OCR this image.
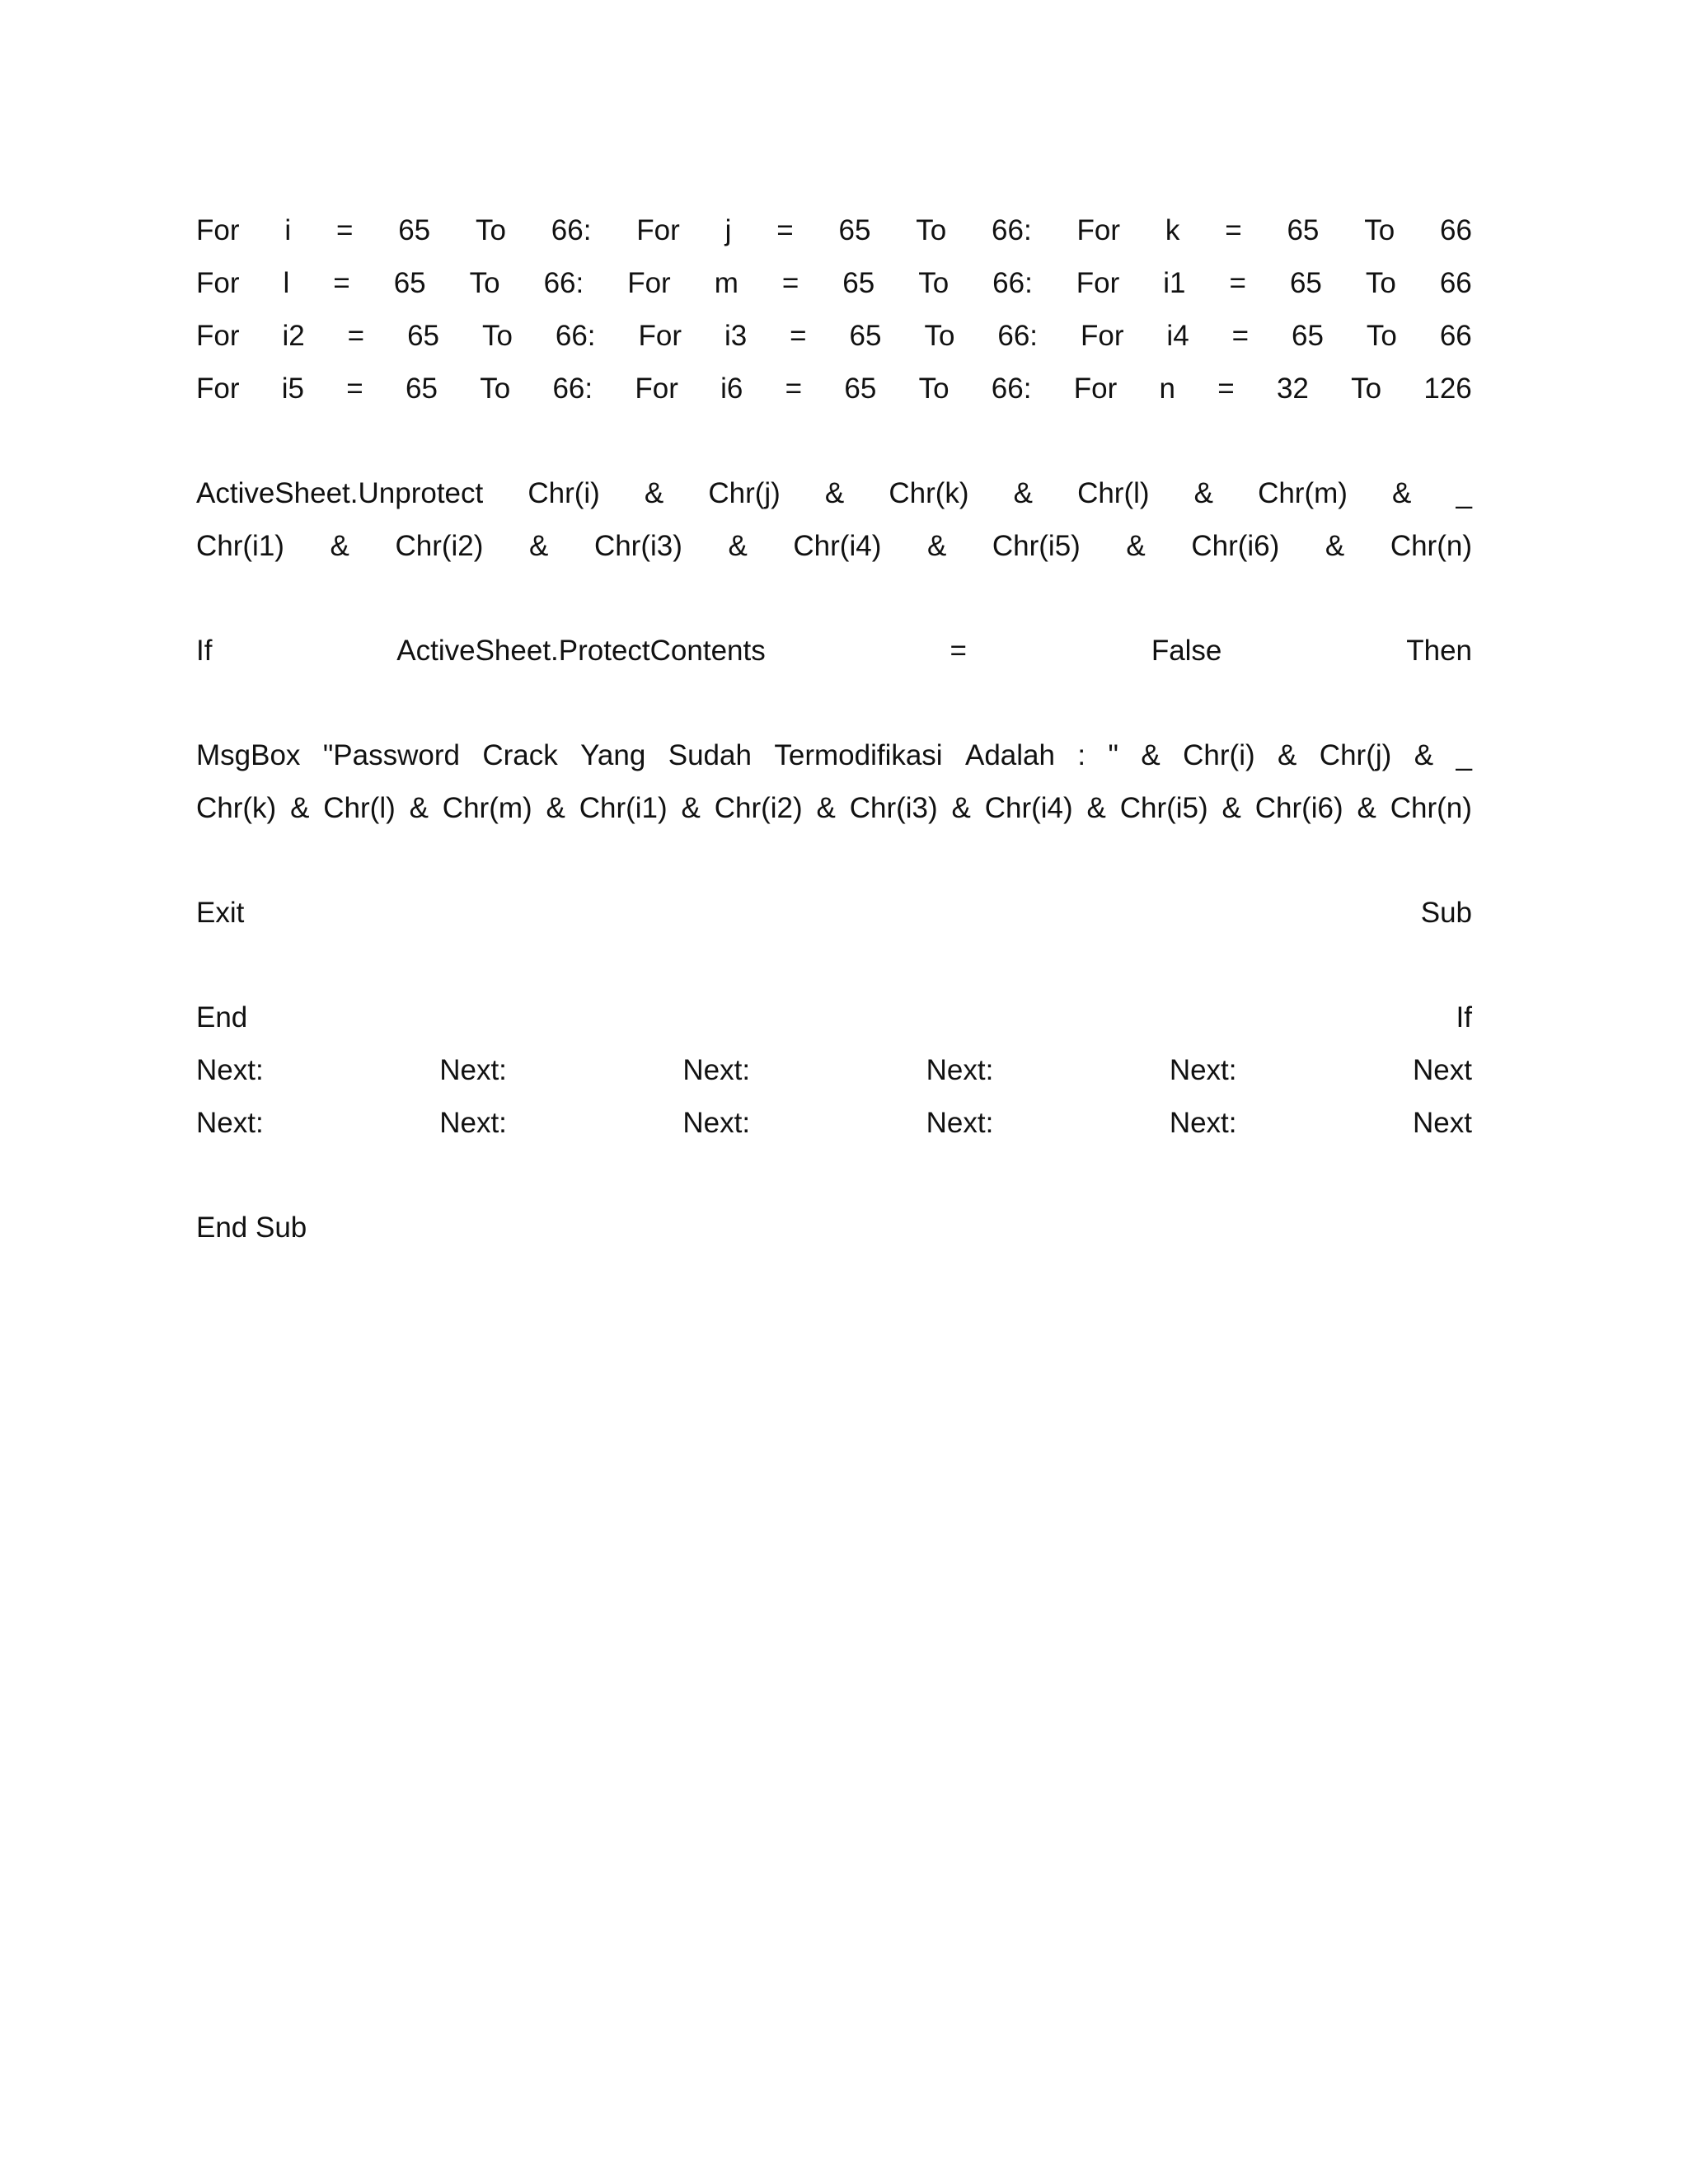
For i = 65 To 66: For j = 65 To 66: For k = 65 To 66
For l = 65 To 66: For m = 65 To 66: For i1 = 65 To 66
For i2 = 65 To 66: For i3 = 65 To 66: For i4 = 65 To 66
For i5 = 65 To 66: For i6 = 65 To 66: For n = 32 To 126
ActiveSheet.Unprotect Chr(i) & Chr(j) & Chr(k) & Chr(l) & Chr(m) & _
Chr(i1) & Chr(i2) & Chr(i3) & Chr(i4) & Chr(i5) & Chr(i6) & Chr(n)
If	ActiveSheet.ProtectContents	=	False	Then
MsgBox "Password Crack Yang Sudah Termodifikasi Adalah : " & Chr(i) & Chr(j) & _
Chr(k) & Chr(l) & Chr(m) & Chr(i1) & Chr(i2) & Chr(i3) & Chr(i4) & Chr(i5) & Chr(i6) & Chr(n)
Exit	Sub
End	If
Next:	Next:	Next:	Next:	Next:	Next
Next:	Next:	Next:	Next:	Next:	Next
End Sub
